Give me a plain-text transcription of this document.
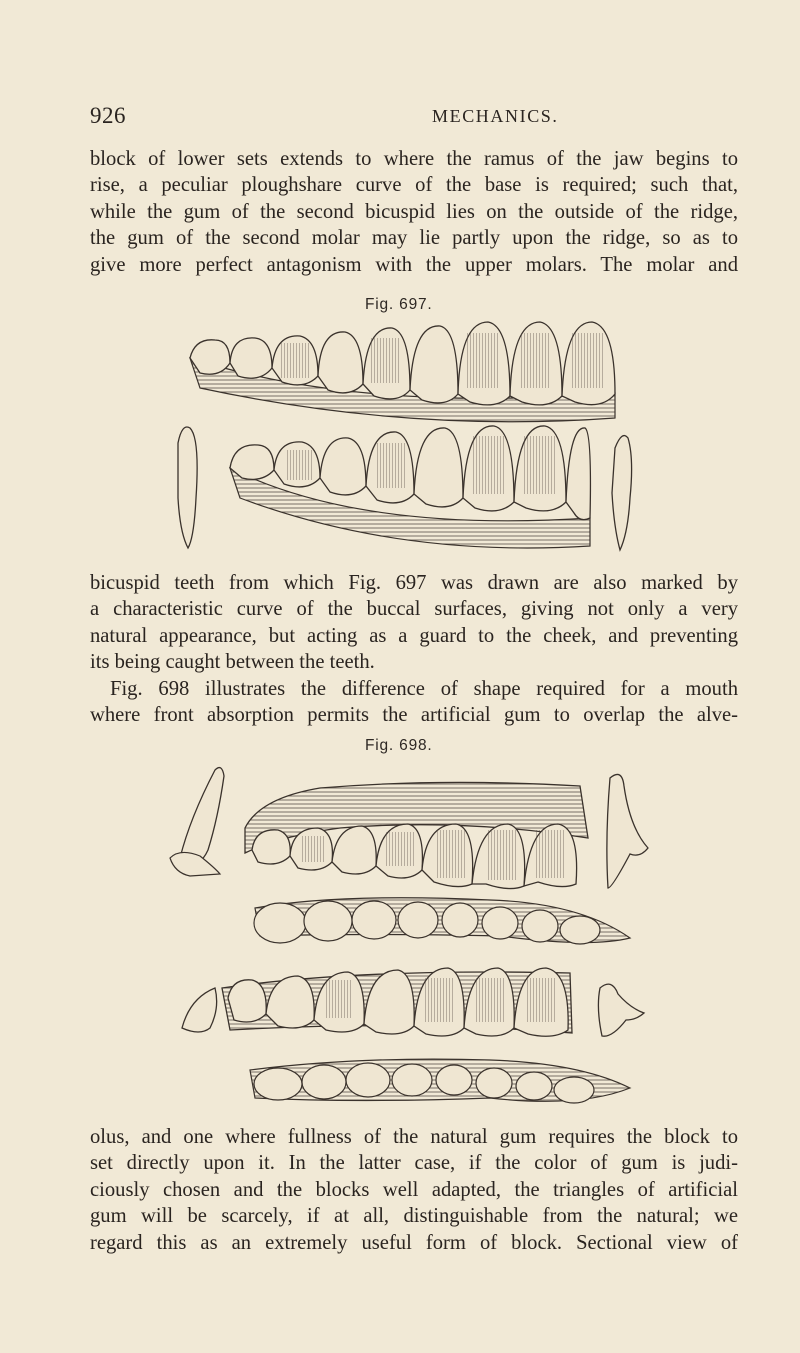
926	MECHANICS.
block of lower sets extends to where the ramus of the jaw begins to
rise, a peculiar ploughshare curve of the base is required; such that,
while the gum of the second bicuspid lies on the outside of the ridge,
the gum of the second molar may lie partly upon the ridge, so as to
give more perfect antagonism with the upper molars. The molar and
Fig. 697.
bicuspid teeth from which Fig. 697 was drawn are also marked by
a characteristic curve of the buccal surfaces, giving not only a very
natural appearance, but acting as a guard to the cheek, and preventing
its being caught between the teeth.
Fig. 698 illustrates the difference of shape required for a mouth
where front absorption permits the artificial gum to overlap the alve-
Fig. 698.
olus, and one where fullness of the natural gum requires the block to
set directly upon it. In the latter case, if the color of gum is judi-
ciously chosen and the blocks well adapted, the triangles of artificial
gum will be scarcely, if at all, distinguishable from the natural; we
regard this as an extremely useful form of block. Sectional view of
